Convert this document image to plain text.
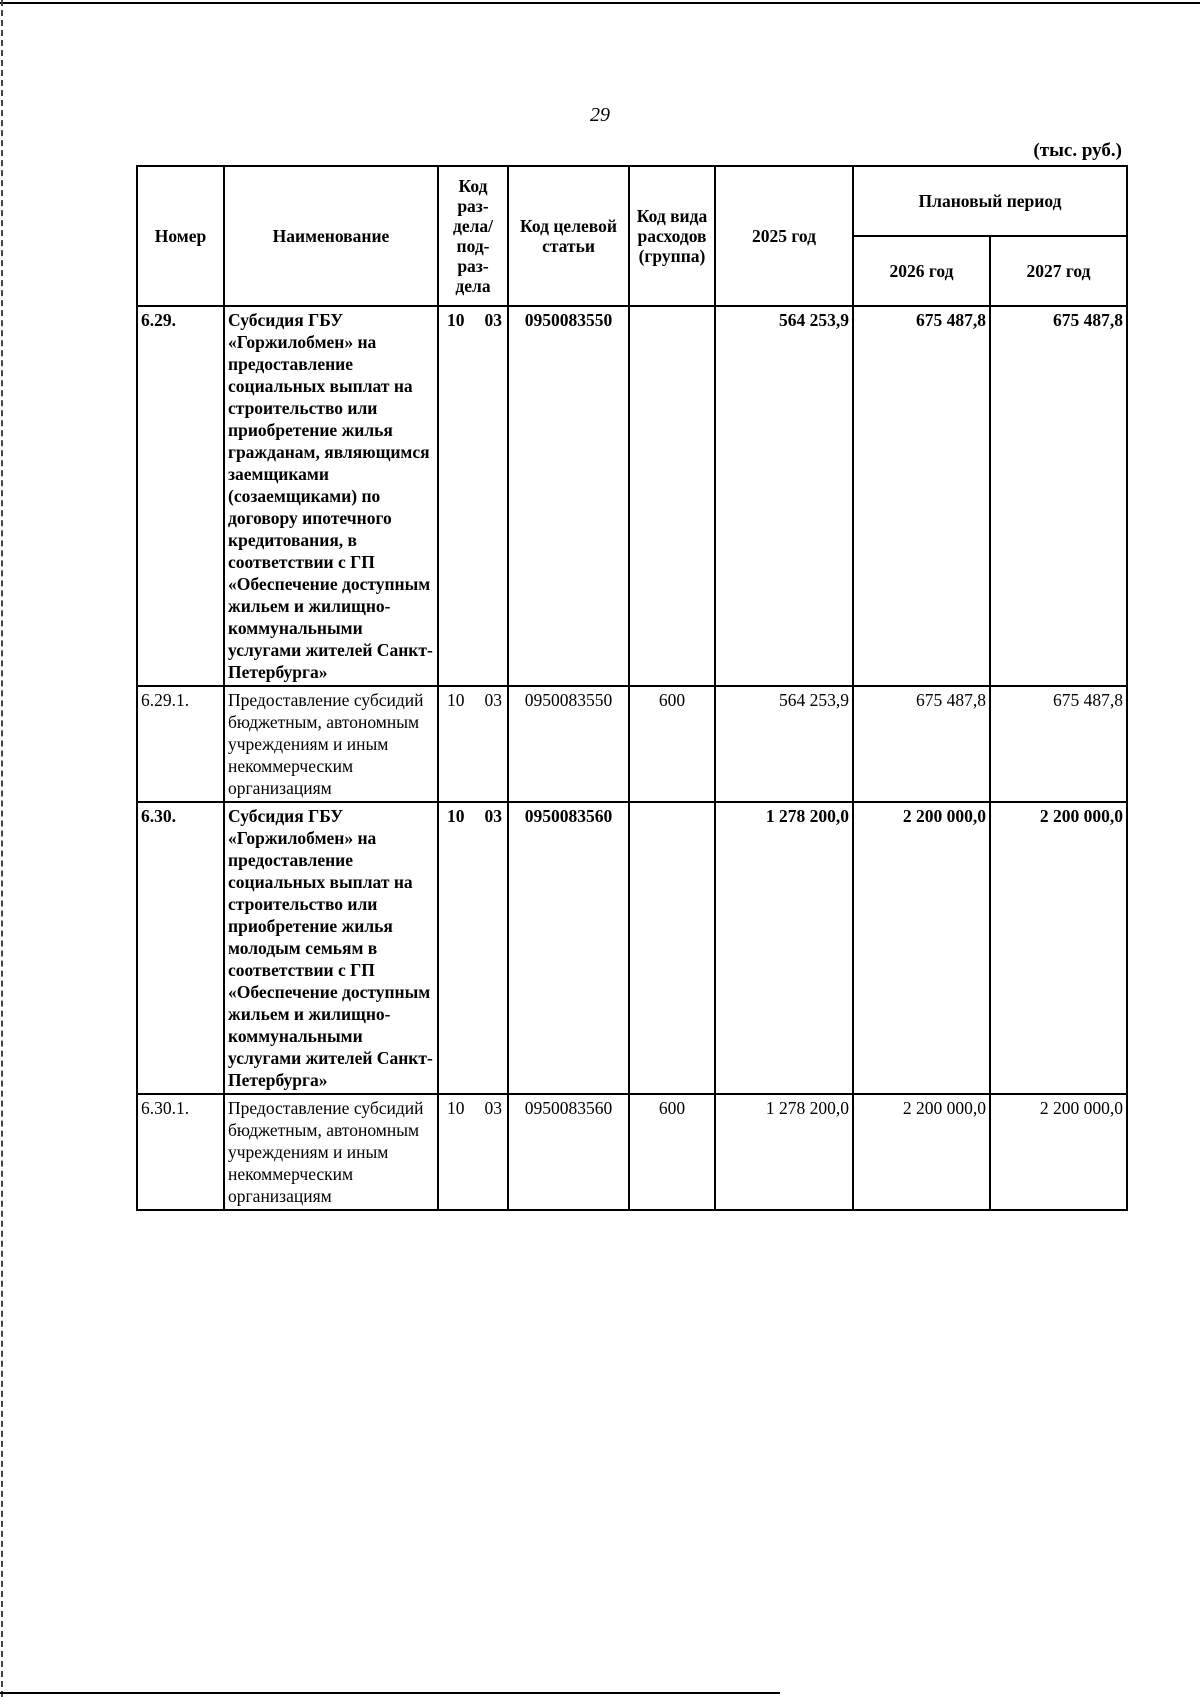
29
(тыс. руб.)
Номер	Наименование	Код раз- дела/ под- раз- дела	Код целевой статьи	Код вида расходов (группа)	2025 год	Плановый период	
						2026 год	2027 год
6.29.	Субсидия ГБУ «Горжилобмен» на предоставление социальных выплат на строительство или приобретение жилья гражданам, являющимся заемщиками (созаемщиками) по договору ипотечного кредитования, в соответствии с ГП «Обеспечение доступным жильем и жилищно-коммунальными услугами жителей Санкт-Петербурга»	10 03	0950083550		564 253,9	675 487,8	675 487,8
6.29.1.	Предоставление субсидий бюджетным, автономным учреждениям и иным некоммерческим организациям	10 03	0950083550	600	564 253,9	675 487,8	675 487,8
6.30.	Субсидия ГБУ «Горжилобмен» на предоставление социальных выплат на строительство или приобретение жилья молодым семьям в соответствии с ГП «Обеспечение доступным жильем и жилищно-коммунальными услугами жителей Санкт-Петербурга»	10 03	0950083560		1 278 200,0	2 200 000,0	2 200 000,0
6.30.1.	Предоставление субсидий бюджетным, автономным учреждениям и иным некоммерческим организациям	10 03	0950083560	600	1 278 200,0	2 200 000,0	2 200 000,0
